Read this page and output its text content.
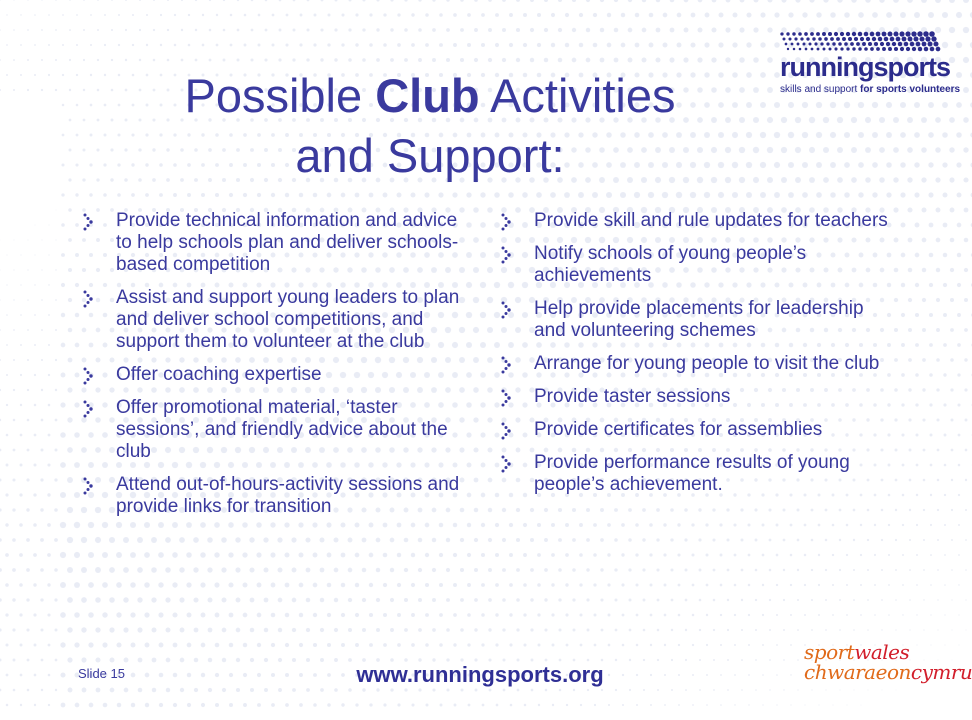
runningsports
skills and support for sports volunteers
Possible Club Activities
and Support:
Provide technical information and advice to help schools plan and deliver schools-based competition
Assist and support young leaders to plan and deliver school competitions, and support them to volunteer at the club
Offer coaching expertise
Offer promotional material, ‘taster sessions’, and friendly advice about the club
Attend out-of-hours-activity sessions and provide links for transition
Provide skill and rule updates for teachers
Notify schools of young people’s achievements
Help provide placements for leadership and volunteering schemes
Arrange for young people to visit the club
Provide taster sessions
Provide certificates for assemblies
Provide performance results of young people’s achievement.
Slide 15	www.runningsports.org
sportwales
chwaraeoncymru
